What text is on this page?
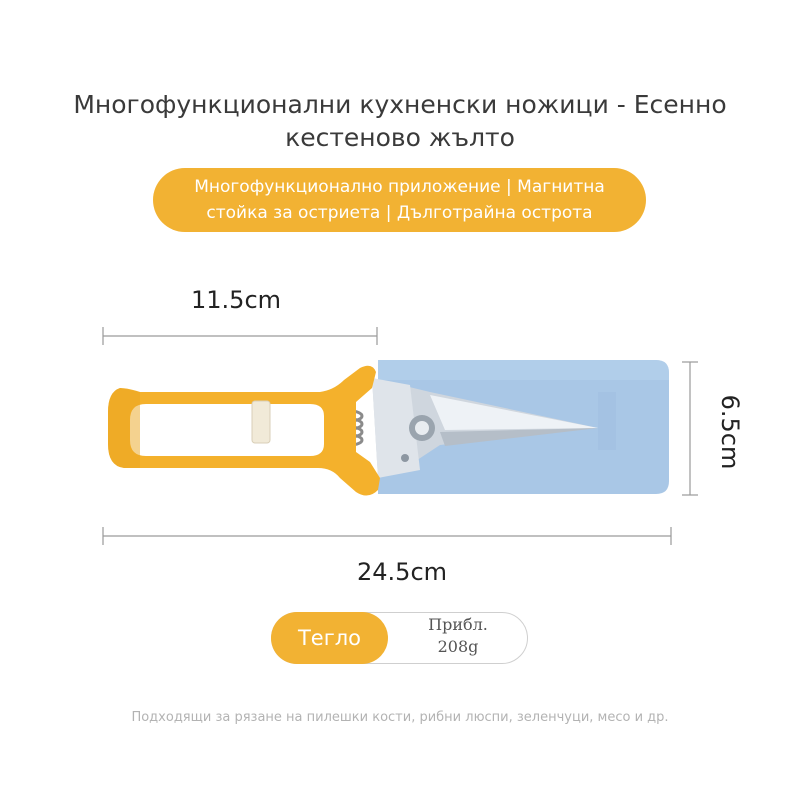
Многофункционални кухненски ножици - Есенно
кестеново жълто
Многофункционално приложение | Магнитна
стойка за остриета | Дълготрайна острота
11.5cm
24.5cm
6.5cm
Тегло
Прибл.
208g
Подходящи за рязане на пилешки кости, рибни люспи, зеленчуци, месо и др.
